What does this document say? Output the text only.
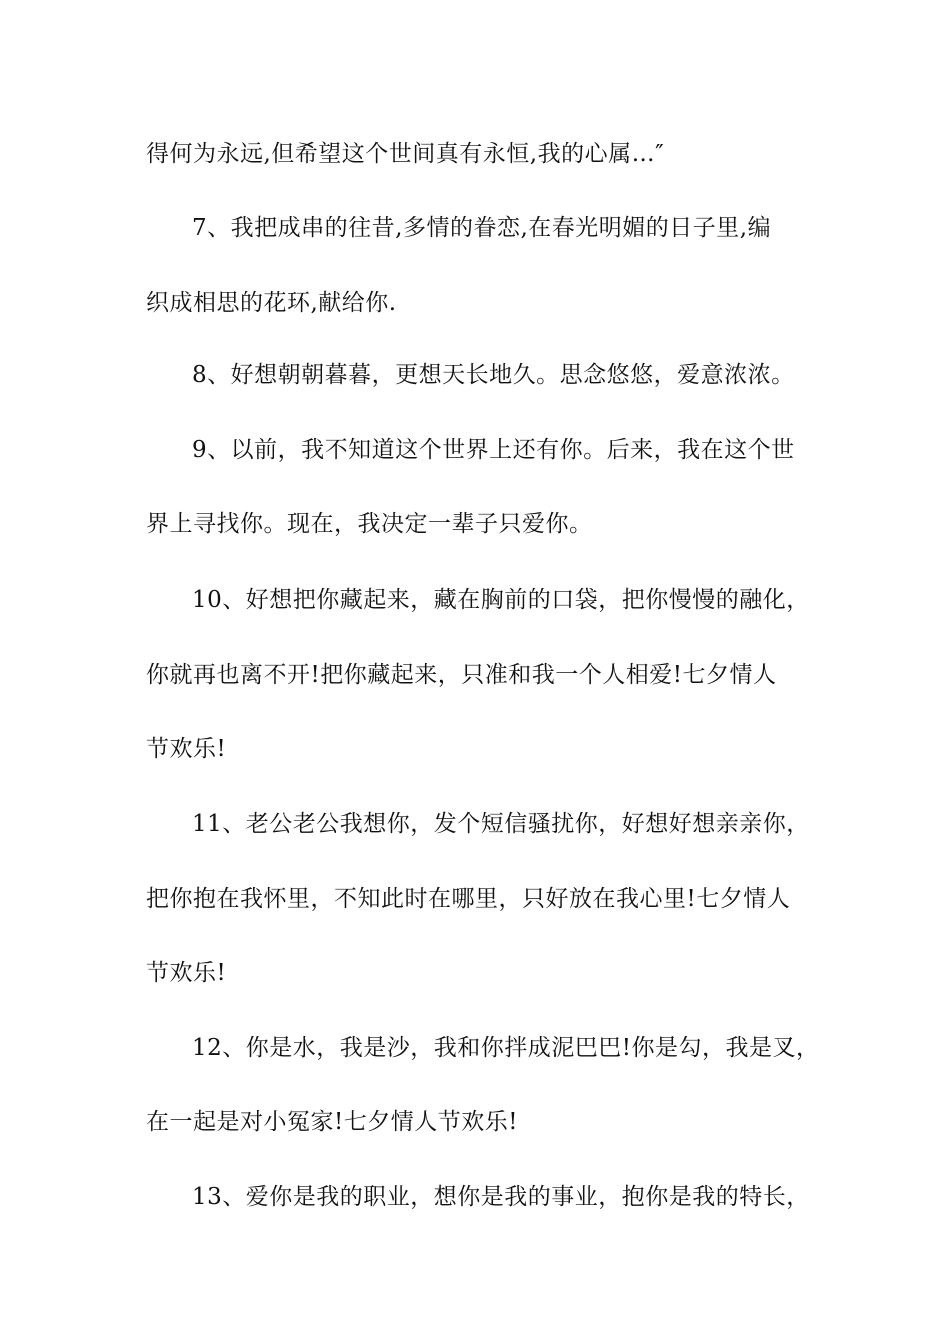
得何为永远,但希望这个世间真有永恒,我的心属…″
7、我把成串的往昔,多情的眷恋,在春光明媚的日子里,编
织成相思的花环,献给你.
8、好想朝朝暮暮，更想天长地久。思念悠悠，爱意浓浓。
9、以前，我不知道这个世界上还有你。后来，我在这个世
界上寻找你。现在，我决定一辈子只爱你。
10、好想把你藏起来，藏在胸前的口袋，把你慢慢的融化，
你就再也离不开!把你藏起来，只准和我一个人相爱!七夕情人
节欢乐!
11、老公老公我想你，发个短信骚扰你，好想好想亲亲你，
把你抱在我怀里，不知此时在哪里，只好放在我心里!七夕情人
节欢乐!
12、你是水，我是沙，我和你拌成泥巴巴!你是勾，我是叉，
在一起是对小冤家!七夕情人节欢乐!
13、爱你是我的职业，想你是我的事业，抱你是我的特长，
